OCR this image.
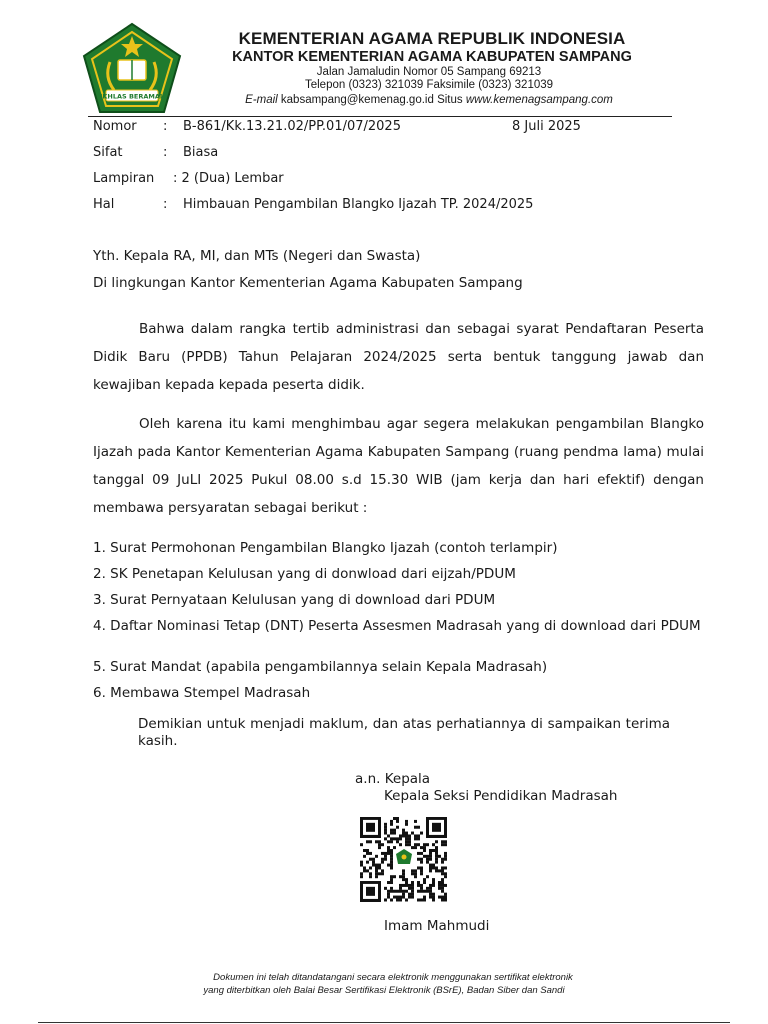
IKHLAS BERAMAL
KEMENTERIAN AGAMA REPUBLIK INDONESIA
KANTOR KEMENTERIAN AGAMA KABUPATEN SAMPANG
Jalan Jamaludin Nomor 05 Sampang 69213
Telepon (0323) 321039 Faksimile (0323) 321039
E-mail kabsampang@kemenag.go.id Situs www.kemenagsampang.com
Nomor : B-861/Kk.13.21.02/PP.01/07/2025	8 Juli 2025
Sifat	: Biasa
Lampiran : 2 (Dua) Lembar
Hal	: Himbauan Pengambilan Blangko Ijazah TP. 2024/2025
Yth. Kepala RA, MI, dan MTs (Negeri dan Swasta)
Di lingkungan Kantor Kementerian Agama Kabupaten Sampang
Bahwa dalam rangka tertib administrasi dan sebagai syarat Pendaftaran Peserta Didik Baru (PPDB) Tahun Pelajaran 2024/2025 serta bentuk tanggung jawab dan kewajiban kepada kepada peserta didik.
Oleh karena itu kami menghimbau agar segera melakukan pengambilan Blangko Ijazah pada Kantor Kementerian Agama Kabupaten Sampang (ruang pendma lama) mulai tanggal 09 JuLI 2025 Pukul 08.00 s.d 15.30 WIB (jam kerja dan hari efektif) dengan membawa persyaratan sebagai berikut :
1. Surat Permohonan Pengambilan Blangko Ijazah (contoh terlampir)
2. SK Penetapan Kelulusan yang di donwload dari eijzah/PDUM
3. Surat Pernyataan Kelulusan yang di download dari PDUM
4. Daftar Nominasi Tetap (DNT) Peserta Assesmen Madrasah yang di download dari PDUM
5. Surat Mandat (apabila pengambilannya selain Kepala Madrasah)
6. Membawa Stempel Madrasah
Demikian untuk menjadi maklum, dan atas perhatiannya di sampaikan terima kasih.
a.n. Kepala
Kepala Seksi Pendidikan Madrasah
Imam Mahmudi
Dokumen ini telah ditandatangani secara elektronik menggunakan sertifikat elektronik
yang diterbitkan oleh Balai Besar Sertifikasi Elektronik (BSrE), Badan Siber dan Sandi
